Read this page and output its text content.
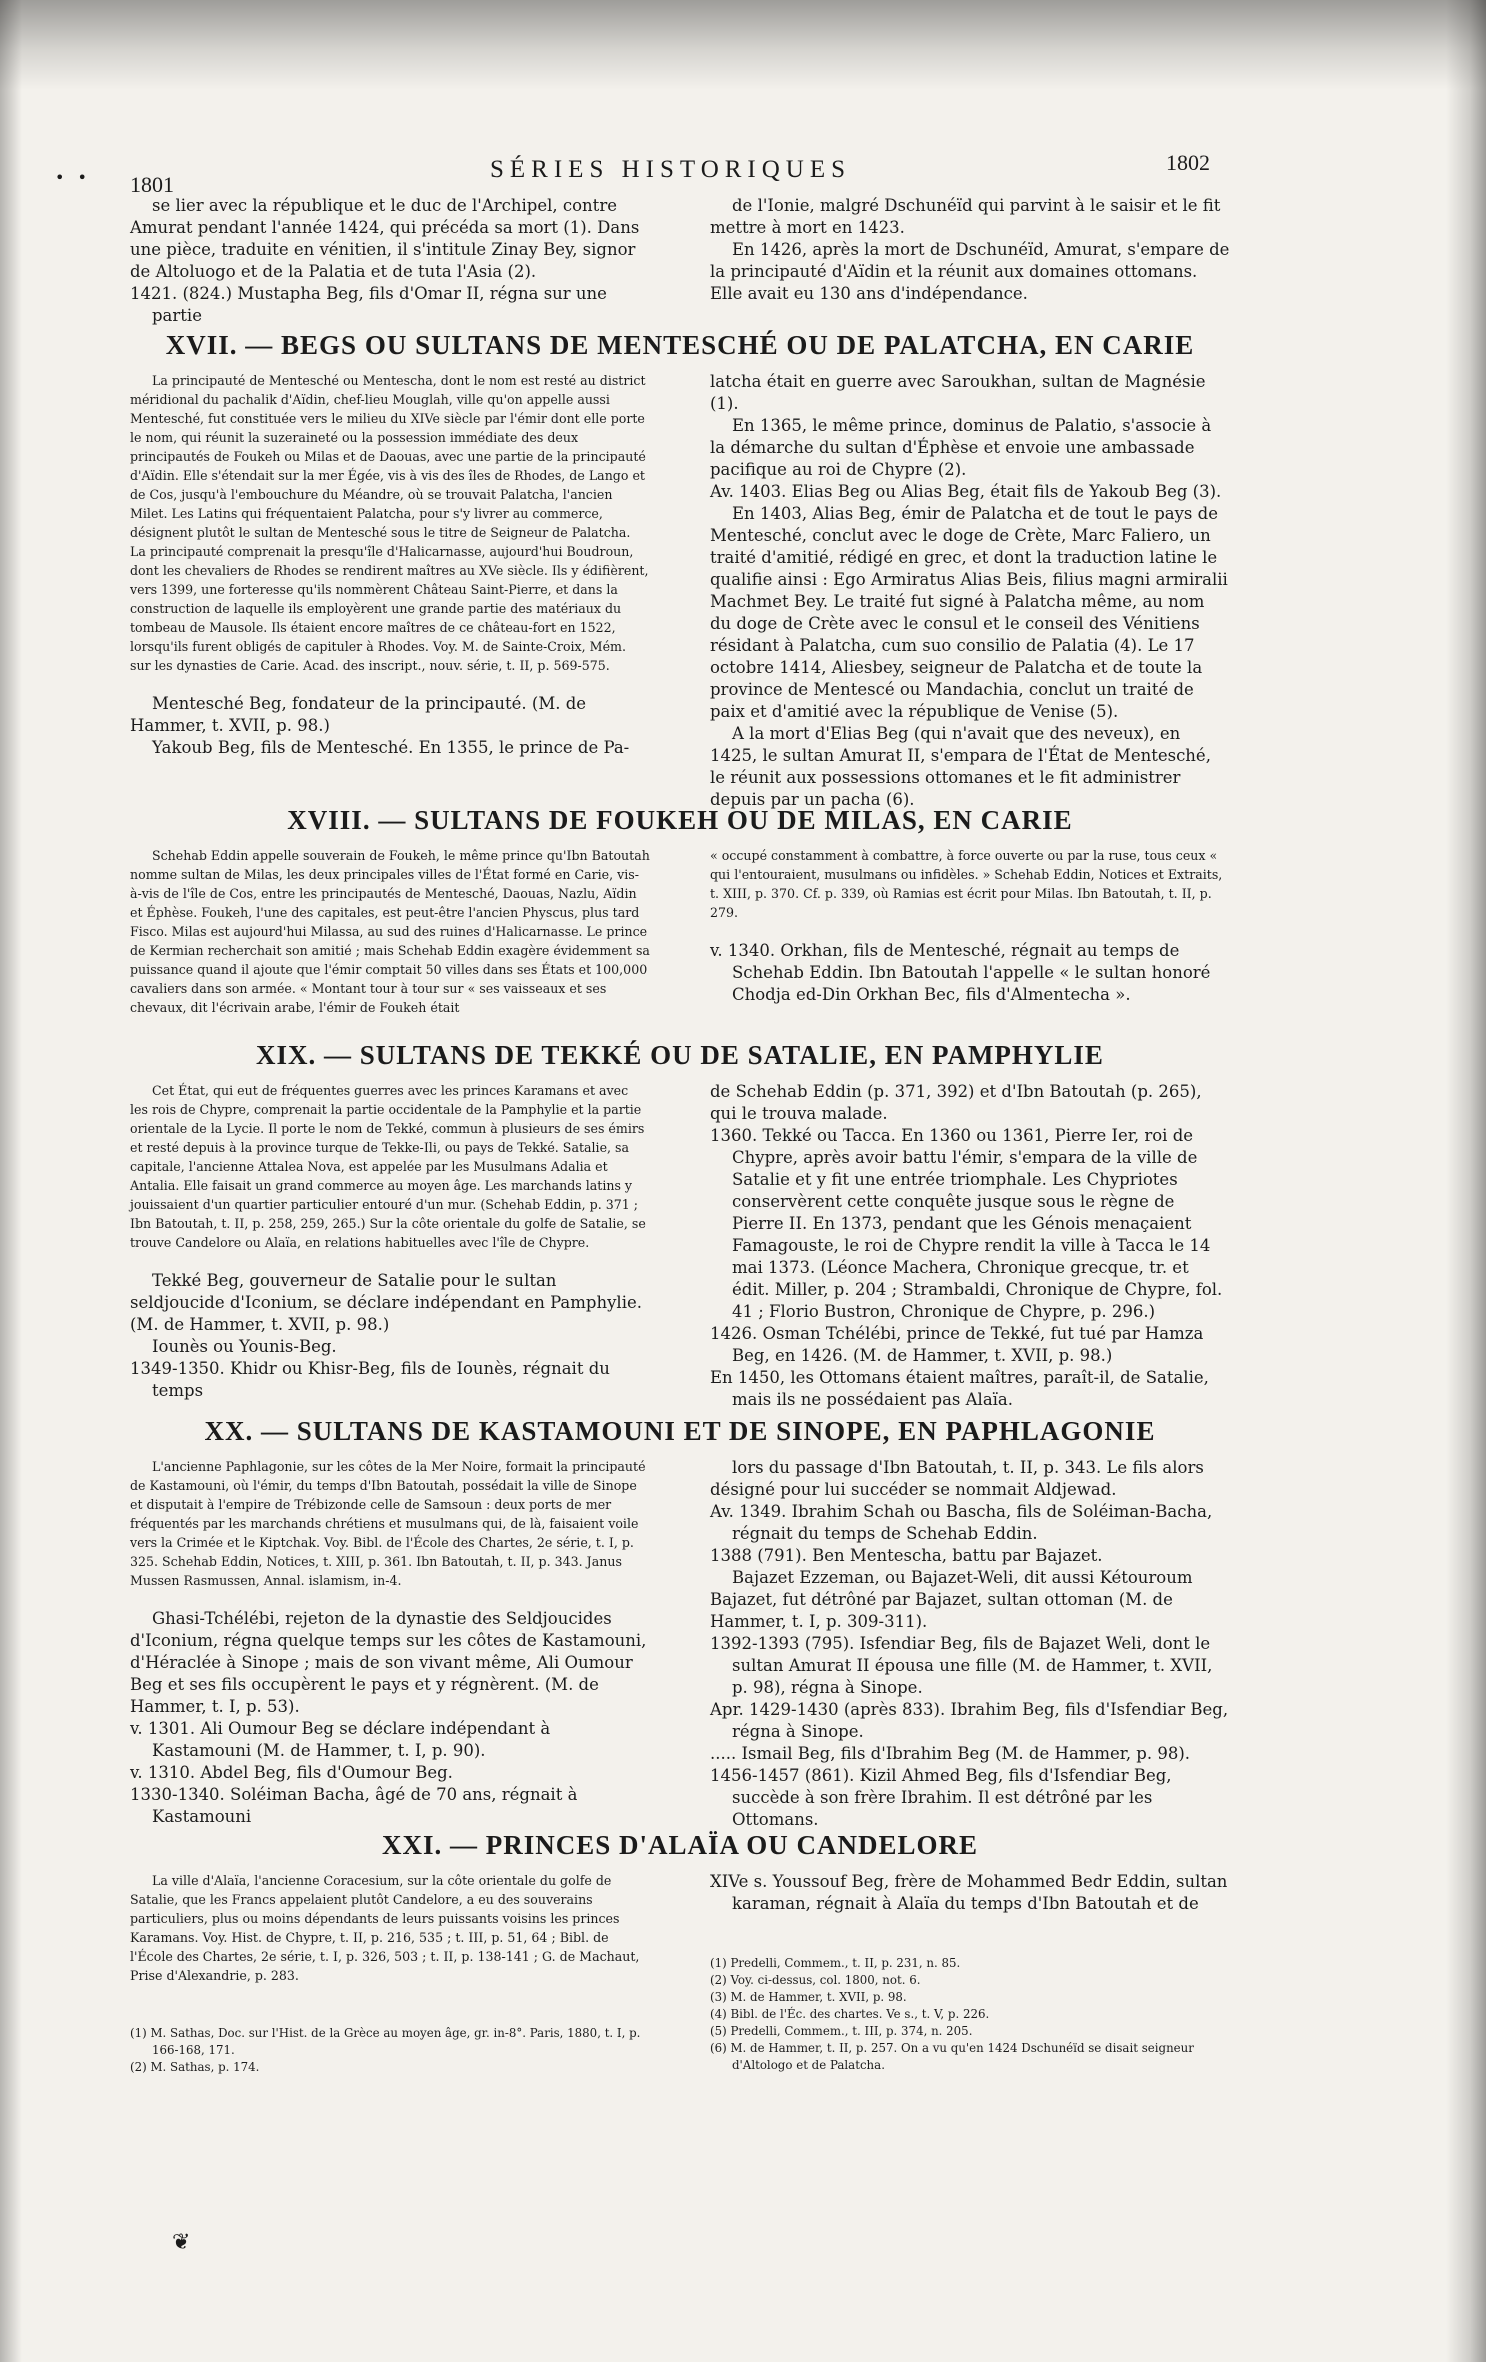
• • 1801
SÉRIES HISTORIQUES	1802

se lier avec la république et le duc de l'Archipel, contre Amurat pendant l'année 1424, qui précéda sa mort (1). Dans une pièce, traduite en vénitien, il s'intitule Zinay Bey, signor de Altoluogo et de la Palatia et de tuta l'Asia (2).

1421. (824.) Mustapha Beg, fils d'Omar II, régna sur une partie

de l'Ionie, malgré Dschunéïd qui parvint à le saisir et le fit mettre à mort en 1423.

En 1426, après la mort de Dschunéïd, Amurat, s'empare de la principauté d'Aïdin et la réunit aux domaines ottomans. Elle avait eu 130 ans d'indépendance.

XVII. — BEGS OU SULTANS DE MENTESCHÉ OU DE PALATCHA, EN CARIE

La principauté de Mentesché ou Mentescha, dont le nom est resté au district méridional du pachalik d'Aïdin, chef-lieu Mouglah, ville qu'on appelle aussi Mentesché, fut constituée vers le milieu du XIVe siècle par l'émir dont elle porte le nom, qui réunit la suzeraineté ou la possession immédiate des deux principautés de Foukeh ou Milas et de Daouas, avec une partie de la principauté d'Aïdin. Elle s'étendait sur la mer Égée, vis à vis des îles de Rhodes, de Lango et de Cos, jusqu'à l'embouchure du Méandre, où se trouvait Palatcha, l'ancien Milet. Les Latins qui fréquentaient Palatcha, pour s'y livrer au commerce, désignent plutôt le sultan de Mentesché sous le titre de Seigneur de Palatcha. La principauté comprenait la presqu'île d'Halicarnasse, aujourd'hui Boudroun, dont les chevaliers de Rhodes se rendirent maîtres au XVe siècle. Ils y édifièrent, vers 1399, une forteresse qu'ils nommèrent Château Saint-Pierre, et dans la construction de laquelle ils employèrent une grande partie des matériaux du tombeau de Mausole. Ils étaient encore maîtres de ce château-fort en 1522, lorsqu'ils furent obligés de capituler à Rhodes. Voy. M. de Sainte-Croix, Mém. sur les dynasties de Carie. Acad. des inscript., nouv. série, t. II, p. 569-575.

Mentesché Beg, fondateur de la principauté. (M. de Hammer, t. XVII, p. 98.)

Yakoub Beg, fils de Mentesché. En 1355, le prince de Pa-

latcha était en guerre avec Saroukhan, sultan de Magnésie (1).

En 1365, le même prince, dominus de Palatio, s'associe à la démarche du sultan d'Éphèse et envoie une ambassade pacifique au roi de Chypre (2).

Av. 1403. Elias Beg ou Alias Beg, était fils de Yakoub Beg (3).

En 1403, Alias Beg, émir de Palatcha et de tout le pays de Mentesché, conclut avec le doge de Crète, Marc Faliero, un traité d'amitié, rédigé en grec, et dont la traduction latine le qualifie ainsi : Ego Armiratus Alias Beis, filius magni armiralii Machmet Bey. Le traité fut signé à Palatcha même, au nom du doge de Crète avec le consul et le conseil des Vénitiens résidant à Palatcha, cum suo consilio de Palatia (4). Le 17 octobre 1414, Aliesbey, seigneur de Palatcha et de toute la province de Mentescé ou Mandachia, conclut un traité de paix et d'amitié avec la république de Venise (5).

A la mort d'Elias Beg (qui n'avait que des neveux), en 1425, le sultan Amurat II, s'empara de l'État de Mentesché, le réunit aux possessions ottomanes et le fit administrer depuis par un pacha (6).

XVIII. — SULTANS DE FOUKEH OU DE MILAS, EN CARIE

Schehab Eddin appelle souverain de Foukeh, le même prince qu'Ibn Batoutah nomme sultan de Milas, les deux principales villes de l'État formé en Carie, vis-à-vis de l'île de Cos, entre les principautés de Mentesché, Daouas, Nazlu, Aïdin et Éphèse. Foukeh, l'une des capitales, est peut-être l'ancien Physcus, plus tard Fisco. Milas est aujourd'hui Milassa, au sud des ruines d'Halicarnasse. Le prince de Kermian recherchait son amitié ; mais Schehab Eddin exagère évidemment sa puissance quand il ajoute que l'émir comptait 50 villes dans ses États et 100,000 cavaliers dans son armée. « Montant tour à tour sur « ses vaisseaux et ses chevaux, dit l'écrivain arabe, l'émir de Foukeh était

« occupé constamment à combattre, à force ouverte ou par la ruse, tous ceux « qui l'entouraient, musulmans ou infidèles. » Schehab Eddin, Notices et Extraits, t. XIII, p. 370. Cf. p. 339, où Ramias est écrit pour Milas. Ibn Batoutah, t. II, p. 279.

v. 1340. Orkhan, fils de Mentesché, régnait au temps de Schehab Eddin. Ibn Batoutah l'appelle « le sultan honoré Chodja ed-Din Orkhan Bec, fils d'Almentecha ».

XIX. — SULTANS DE TEKKÉ OU DE SATALIE, EN PAMPHYLIE

Cet État, qui eut de fréquentes guerres avec les princes Karamans et avec les rois de Chypre, comprenait la partie occidentale de la Pamphylie et la partie orientale de la Lycie. Il porte le nom de Tekké, commun à plusieurs de ses émirs et resté depuis à la province turque de Tekke-Ili, ou pays de Tekké. Satalie, sa capitale, l'ancienne Attalea Nova, est appelée par les Musulmans Adalia et Antalia. Elle faisait un grand commerce au moyen âge. Les marchands latins y jouissaient d'un quartier particulier entouré d'un mur. (Schehab Eddin, p. 371 ; Ibn Batoutah, t. II, p. 258, 259, 265.) Sur la côte orientale du golfe de Satalie, se trouve Candelore ou Alaïa, en relations habituelles avec l'île de Chypre.

Tekké Beg, gouverneur de Satalie pour le sultan seldjoucide d'Iconium, se déclare indépendant en Pamphylie. (M. de Hammer, t. XVII, p. 98.)

Iounès ou Younis-Beg.

1349-1350. Khidr ou Khisr-Beg, fils de Iounès, régnait du temps

de Schehab Eddin (p. 371, 392) et d'Ibn Batoutah (p. 265), qui le trouva malade.

1360. Tekké ou Tacca. En 1360 ou 1361, Pierre Ier, roi de Chypre, après avoir battu l'émir, s'empara de la ville de Satalie et y fit une entrée triomphale. Les Chypriotes conservèrent cette conquête jusque sous le règne de Pierre II. En 1373, pendant que les Génois menaçaient Famagouste, le roi de Chypre rendit la ville à Tacca le 14 mai 1373. (Léonce Machera, Chronique grecque, tr. et édit. Miller, p. 204 ; Strambaldi, Chronique de Chypre, fol. 41 ; Florio Bustron, Chronique de Chypre, p. 296.)

1426. Osman Tchélébi, prince de Tekké, fut tué par Hamza Beg, en 1426. (M. de Hammer, t. XVII, p. 98.)

En 1450, les Ottomans étaient maîtres, paraît-il, de Satalie, mais ils ne possédaient pas Alaïa.

XX. — SULTANS DE KASTAMOUNI ET DE SINOPE, EN PAPHLAGONIE

L'ancienne Paphlagonie, sur les côtes de la Mer Noire, formait la principauté de Kastamouni, où l'émir, du temps d'Ibn Batoutah, possédait la ville de Sinope et disputait à l'empire de Trébizonde celle de Samsoun : deux ports de mer fréquentés par les marchands chrétiens et musulmans qui, de là, faisaient voile vers la Crimée et le Kiptchak. Voy. Bibl. de l'École des Chartes, 2e série, t. I, p. 325. Schehab Eddin, Notices, t. XIII, p. 361. Ibn Batoutah, t. II, p. 343. Janus Mussen Rasmussen, Annal. islamism, in-4.

Ghasi-Tchélébi, rejeton de la dynastie des Seldjoucides d'Iconium, régna quelque temps sur les côtes de Kastamouni, d'Héraclée à Sinope ; mais de son vivant même, Ali Oumour Beg et ses fils occupèrent le pays et y régnèrent. (M. de Hammer, t. I, p. 53).

v. 1301. Ali Oumour Beg se déclare indépendant à Kastamouni (M. de Hammer, t. I, p. 90).

v. 1310. Abdel Beg, fils d'Oumour Beg.

1330-1340. Soléiman Bacha, âgé de 70 ans, régnait à Kastamouni

lors du passage d'Ibn Batoutah, t. II, p. 343. Le fils alors désigné pour lui succéder se nommait Aldjewad.

Av. 1349. Ibrahim Schah ou Bascha, fils de Soléiman-Bacha, régnait du temps de Schehab Eddin.

1388 (791). Ben Mentescha, battu par Bajazet.

Bajazet Ezzeman, ou Bajazet-Weli, dit aussi Kétouroum Bajazet, fut détrôné par Bajazet, sultan ottoman (M. de Hammer, t. I, p. 309-311).

1392-1393 (795). Isfendiar Beg, fils de Bajazet Weli, dont le sultan Amurat II épousa une fille (M. de Hammer, t. XVII, p. 98), régna à Sinope.

Apr. 1429-1430 (après 833). Ibrahim Beg, fils d'Isfendiar Beg, régna à Sinope.

..... Ismail Beg, fils d'Ibrahim Beg (M. de Hammer, p. 98).

1456-1457 (861). Kizil Ahmed Beg, fils d'Isfendiar Beg, succède à son frère Ibrahim. Il est détrôné par les Ottomans.

XXI. — PRINCES D'ALAÏA OU CANDELORE

La ville d'Alaïa, l'ancienne Coracesium, sur la côte orientale du golfe de Satalie, que les Francs appelaient plutôt Candelore, a eu des souverains particuliers, plus ou moins dépendants de leurs puissants voisins les princes Karamans. Voy. Hist. de Chypre, t. II, p. 216, 535 ; t. III, p. 51, 64 ; Bibl. de l'École des Chartes, 2e série, t. I, p. 326, 503 ; t. II, p. 138-141 ; G. de Machaut, Prise d'Alexandrie, p. 283.

XIVe s. Youssouf Beg, frère de Mohammed Bedr Eddin, sultan karaman, régnait à Alaïa du temps d'Ibn Batoutah et de

(1) M. Sathas, Doc. sur l'Hist. de la Grèce au moyen âge, gr. in-8°. Paris, 1880, t. I, p. 166-168, 171.

(2) M. Sathas, p. 174.

(1) Predelli, Commem., t. II, p. 231, n. 85.

(2) Voy. ci-dessus, col. 1800, not. 6.

(3) M. de Hammer, t. XVII, p. 98.

(4) Bibl. de l'Éc. des chartes. Ve s., t. V, p. 226.

(5) Predelli, Commem., t. III, p. 374, n. 205.

(6) M. de Hammer, t. II, p. 257. On a vu qu'en 1424 Dschunéïd se disait seigneur d'Altologo et de Palatcha.

❦
